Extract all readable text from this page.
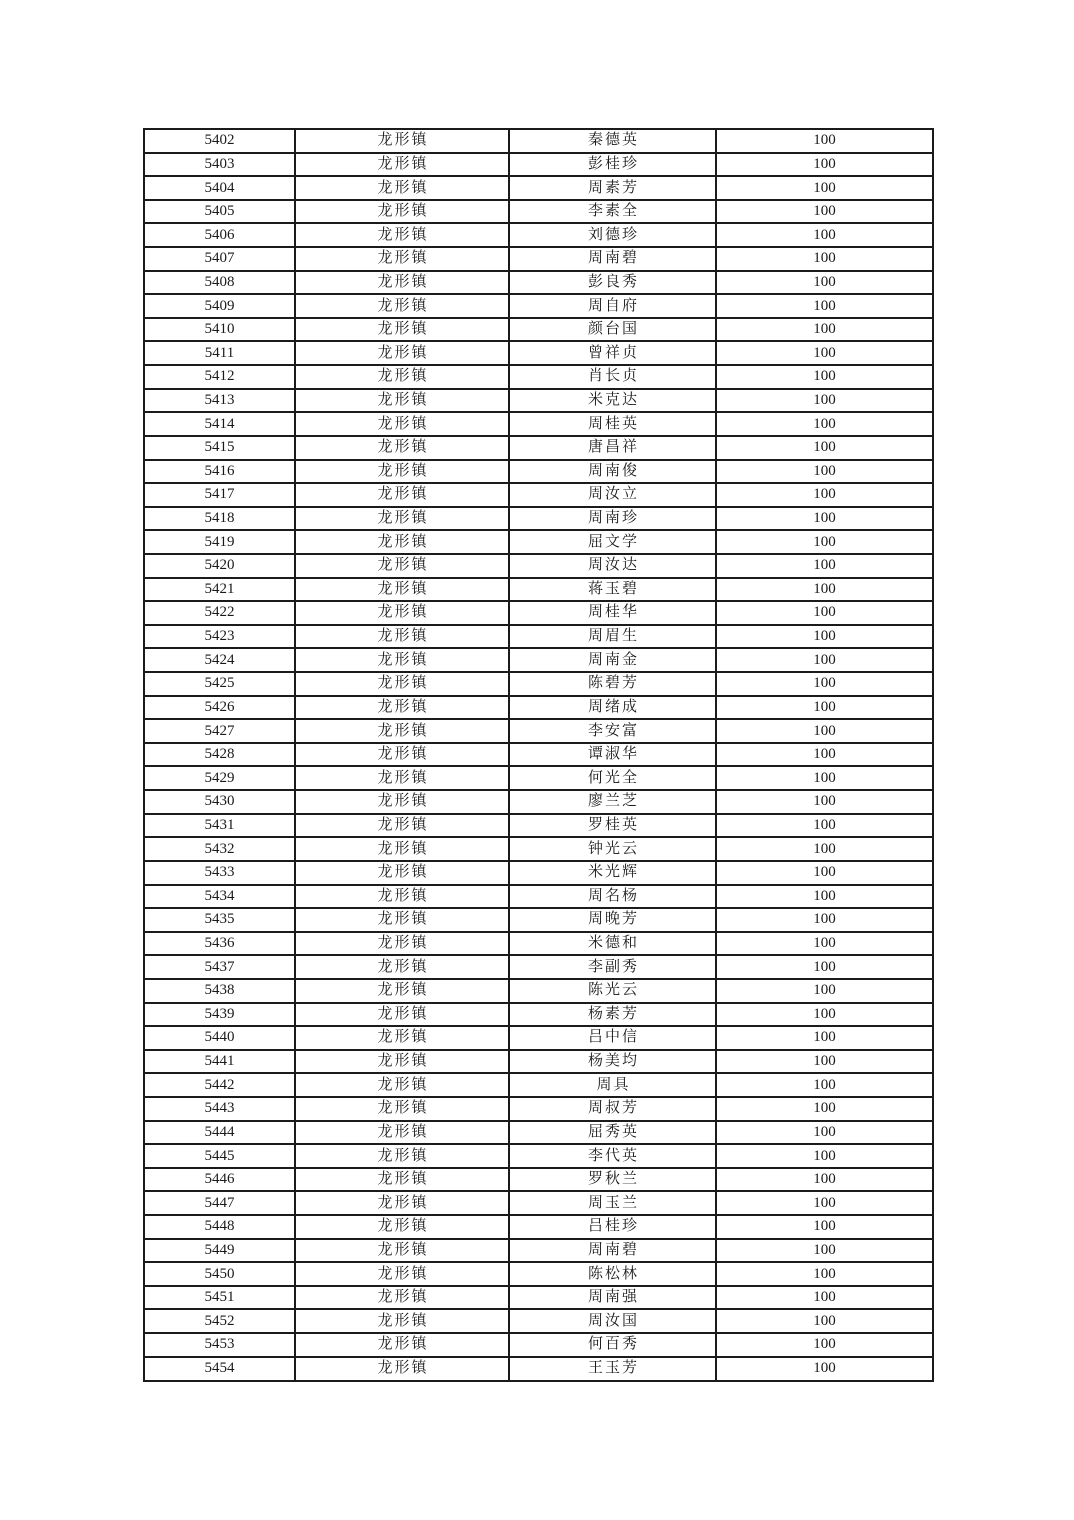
5402	龙形镇	秦德英	100
5403	龙形镇	彭桂珍	100
5404	龙形镇	周素芳	100
5405	龙形镇	李素全	100
5406	龙形镇	刘德珍	100
5407	龙形镇	周南碧	100
5408	龙形镇	彭良秀	100
5409	龙形镇	周自府	100
5410	龙形镇	颜台国	100
5411	龙形镇	曾祥贞	100
5412	龙形镇	肖长贞	100
5413	龙形镇	米克达	100
5414	龙形镇	周桂英	100
5415	龙形镇	唐昌祥	100
5416	龙形镇	周南俊	100
5417	龙形镇	周汝立	100
5418	龙形镇	周南珍	100
5419	龙形镇	屈文学	100
5420	龙形镇	周汝达	100
5421	龙形镇	蒋玉碧	100
5422	龙形镇	周桂华	100
5423	龙形镇	周眉生	100
5424	龙形镇	周南金	100
5425	龙形镇	陈碧芳	100
5426	龙形镇	周绪成	100
5427	龙形镇	李安富	100
5428	龙形镇	谭淑华	100
5429	龙形镇	何光全	100
5430	龙形镇	廖兰芝	100
5431	龙形镇	罗桂英	100
5432	龙形镇	钟光云	100
5433	龙形镇	米光辉	100
5434	龙形镇	周名杨	100
5435	龙形镇	周晚芳	100
5436	龙形镇	米德和	100
5437	龙形镇	李副秀	100
5438	龙形镇	陈光云	100
5439	龙形镇	杨素芳	100
5440	龙形镇	吕中信	100
5441	龙形镇	杨美均	100
5442	龙形镇	周具	100
5443	龙形镇	周叔芳	100
5444	龙形镇	屈秀英	100
5445	龙形镇	李代英	100
5446	龙形镇	罗秋兰	100
5447	龙形镇	周玉兰	100
5448	龙形镇	吕桂珍	100
5449	龙形镇	周南碧	100
5450	龙形镇	陈松林	100
5451	龙形镇	周南强	100
5452	龙形镇	周汝国	100
5453	龙形镇	何百秀	100
5454	龙形镇	王玉芳	100
